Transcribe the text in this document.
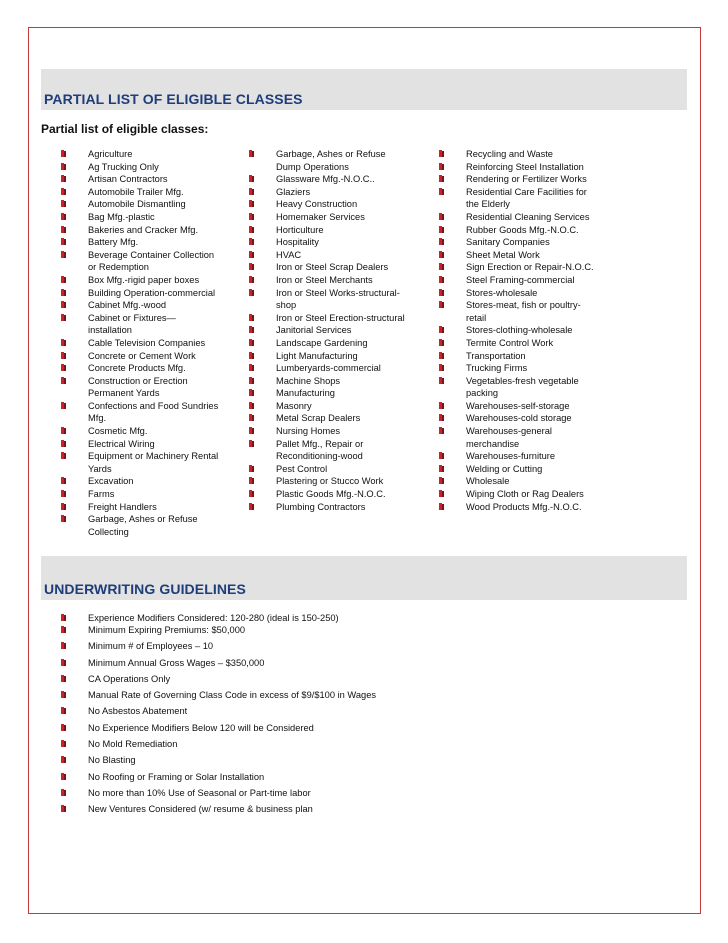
PARTIAL LIST OF ELIGIBLE CLASSES

Partial list of eligible classes:

Agriculture
Ag Trucking Only
Artisan Contractors
Automobile Trailer Mfg.
Automobile Dismantling
Bag Mfg.-plastic
Bakeries and Cracker Mfg.
Battery Mfg.
Beverage Container Collection
or Redemption
Box Mfg.-rigid paper boxes
Building Operation-commercial
Cabinet Mfg.-wood
Cabinet or Fixtures—
installation
Cable Television Companies
Concrete or Cement Work
Concrete Products Mfg.
Construction or Erection
Permanent Yards
Confections and Food Sundries
Mfg.
Cosmetic Mfg.
Electrical Wiring
Equipment or Machinery Rental
Yards
Excavation
Farms
Freight Handlers
Garbage, Ashes or Refuse
Collecting
Garbage, Ashes or Refuse
Dump Operations
Glassware Mfg.-N.O.C..
Glaziers
Heavy Construction
Homemaker Services
Horticulture
Hospitality
HVAC
Iron or Steel Scrap Dealers
Iron or Steel Merchants
Iron or Steel Works-structural-
shop
Iron or Steel Erection-structural
Janitorial Services
Landscape Gardening
Light Manufacturing
Lumberyards-commercial
Machine Shops
Manufacturing
Masonry
Metal Scrap Dealers
Nursing Homes
Pallet Mfg., Repair or
Reconditioning-wood
Pest Control
Plastering or Stucco Work
Plastic Goods Mfg.-N.O.C.
Plumbing Contractors
Recycling and Waste
Reinforcing Steel Installation
Rendering or Fertilizer Works
Residential Care Facilities for
the Elderly
Residential Cleaning Services
Rubber Goods Mfg.-N.O.C.
Sanitary Companies
Sheet Metal Work
Sign Erection or Repair-N.O.C.
Steel Framing-commercial
Stores-wholesale
Stores-meat, fish or poultry-
retail
Stores-clothing-wholesale
Termite Control Work
Transportation
Trucking Firms
Vegetables-fresh vegetable
packing
Warehouses-self-storage
Warehouses-cold storage
Warehouses-general
merchandise
Warehouses-furniture
Welding or Cutting
Wholesale
Wiping Cloth or Rag Dealers
Wood Products Mfg.-N.O.C.
UNDERWRITING GUIDELINES
Experience Modifiers Considered: 120-280 (ideal is 150-250)
Minimum Expiring Premiums: $50,000
Minimum # of Employees – 10
Minimum Annual Gross Wages – $350,000
CA Operations Only
Manual Rate of Governing Class Code in excess of $9/$100 in Wages
No Asbestos Abatement
No Experience Modifiers Below 120 will be Considered
No Mold Remediation
No Blasting
No Roofing or Framing or Solar Installation
No more than 10% Use of Seasonal or Part-time labor
New Ventures Considered (w/ resume & business plan
